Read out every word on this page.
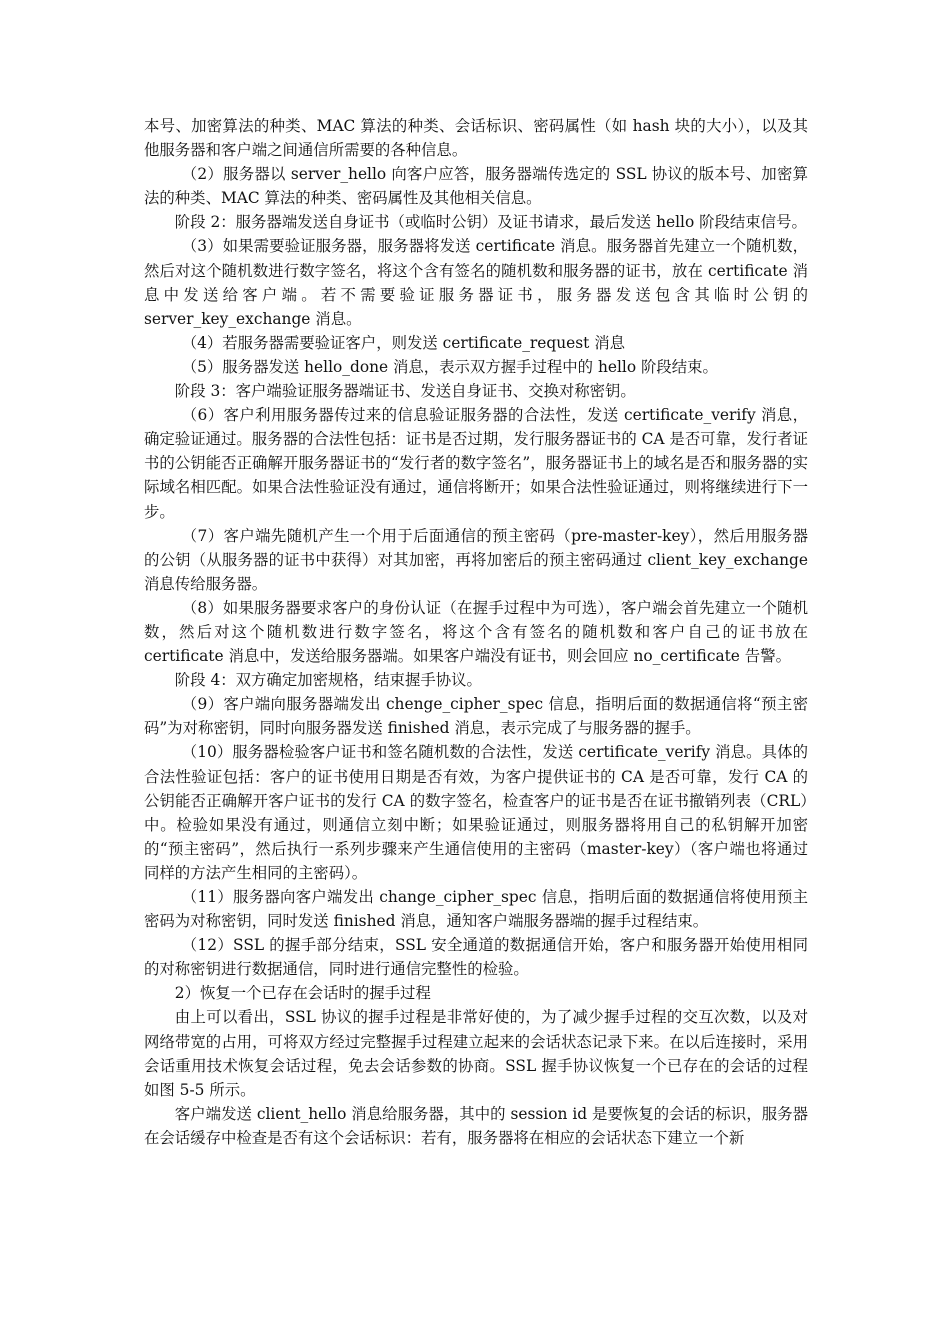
本号、加密算法的种类、MAC 算法的种类、会话标识、密码属性（如 hash 块的大小），以及其他服务器和客户端之间通信所需要的各种信息。

（2）服务器以 server_hello 向客户应答，服务器端传选定的 SSL 协议的版本号、加密算法的种类、MAC 算法的种类、密码属性及其他相关信息。

阶段 2：服务器端发送自身证书（或临时公钥）及证书请求，最后发送 hello 阶段结束信号。

（3）如果需要验证服务器，服务器将发送 certificate 消息。服务器首先建立一个随机数，然后对这个随机数进行数字签名，将这个含有签名的随机数和服务器的证书，放在 certificate 消息中发送给客户端。若不需要验证服务器证书，服务器发送包含其临时公钥的 server_key_exchange 消息。

（4）若服务器需要验证客户，则发送 certificate_request 消息

（5）服务器发送 hello_done 消息，表示双方握手过程中的 hello 阶段结束。

阶段 3：客户端验证服务器端证书、发送自身证书、交换对称密钥。

（6）客户利用服务器传过来的信息验证服务器的合法性，发送 certificate_verify 消息，确定验证通过。服务器的合法性包括：证书是否过期，发行服务器证书的 CA 是否可靠，发行者证书的公钥能否正确解开服务器证书的“发行者的数字签名”，服务器证书上的域名是否和服务器的实际域名相匹配。如果合法性验证没有通过，通信将断开；如果合法性验证通过，则将继续进行下一步。

（7）客户端先随机产生一个用于后面通信的预主密码（pre-master-key），然后用服务器的公钥（从服务器的证书中获得）对其加密，再将加密后的预主密码通过 client_key_exchange 消息传给服务器。

（8）如果服务器要求客户的身份认证（在握手过程中为可选），客户端会首先建立一个随机数，然后对这个随机数进行数字签名，将这个含有签名的随机数和客户自己的证书放在 certificate 消息中，发送给服务器端。如果客户端没有证书，则会回应 no_certificate 告警。

阶段 4：双方确定加密规格，结束握手协议。

（9）客户端向服务器端发出 chenge_cipher_spec 信息，指明后面的数据通信将“预主密码”为对称密钥，同时向服务器发送 finished 消息，表示完成了与服务器的握手。

（10）服务器检验客户证书和签名随机数的合法性，发送 certificate_verify 消息。具体的合法性验证包括：客户的证书使用日期是否有效，为客户提供证书的 CA 是否可靠，发行 CA 的公钥能否正确解开客户证书的发行 CA 的数字签名，检查客户的证书是否在证书撤销列表（CRL）中。检验如果没有通过，则通信立刻中断；如果验证通过，则服务器将用自己的私钥解开加密的“预主密码”，然后执行一系列步骤来产生通信使用的主密码（master-key）（客户端也将通过同样的方法产生相同的主密码）。

（11）服务器向客户端发出 change_cipher_spec 信息，指明后面的数据通信将使用预主密码为对称密钥，同时发送 finished 消息，通知客户端服务器端的握手过程结束。

（12）SSL 的握手部分结束，SSL 安全通道的数据通信开始，客户和服务器开始使用相同的对称密钥进行数据通信，同时进行通信完整性的检验。

2）恢复一个已存在会话时的握手过程

由上可以看出，SSL 协议的握手过程是非常好使的，为了减少握手过程的交互次数，以及对网络带宽的占用，可将双方经过完整握手过程建立起来的会话状态记录下来。在以后连接时，采用会话重用技术恢复会话过程，免去会话参数的协商。SSL 握手协议恢复一个已存在的会话的过程如图 5-5 所示。

客户端发送 client_hello 消息给服务器，其中的 session id 是要恢复的会话的标识，服务器在会话缓存中检查是否有这个会话标识：若有，服务器将在相应的会话状态下建立一个新
